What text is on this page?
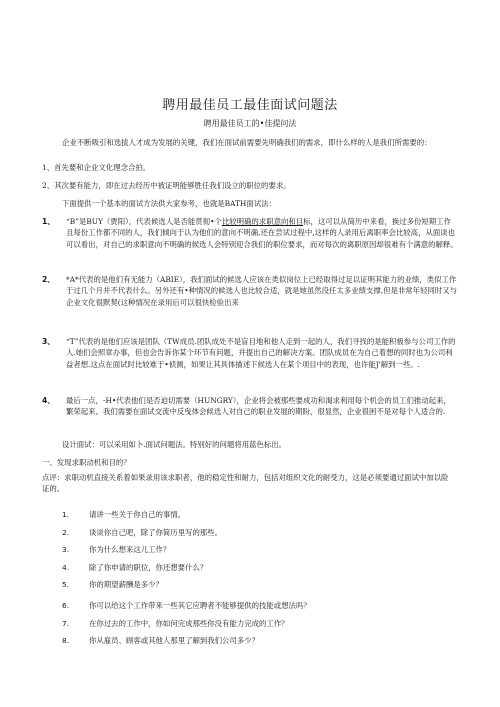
聘用最佳员工最佳面试问题法
聘用最佳员工的•佳提问法

企业不断吸引和选拔人才成为发展的关键，我们在面试前需要先明确我们的需求，即什么样的人是我们所需要的：

1、首先要和企业文化理念合拍。

2、其次要有能力，即在过去经历中被证明能够胜任我们设立的职位的要求。

下面提供一个基本的面试方法供大家参考，也就是BATH面试法：

1、 “B”是BUY（贾阳），代表候选人是否能贯彻•个比较明确的求职意向和目标，这可以从简历中来看，换过多份短期工作且每份工作都不同的人，我们倾向于认为他们的意向不明确,还在尝试过程中,这样的人录用后离职率会比较高，从面谈也可以看出，对自己的求职意向不明确的候选人会特别迎合我们的职位要求，而对每次的离职原因却很难有个满意的解释。
2、 *A*代表的是他们有无能力（ABIE），我们面试的候选人应该在类似岗位上已经取得过足以证明其能力的业绩，类似工作于过几个月并不代表什么。另外还有•种情况的候选人也比较合适，就是她虽然没任太多业绩支撑,但是非常年轻同时又与企业文化很默契(这种情况在录用后可以很快检验出来
3、 “T”代表的是他们应该是团队（TW成员.团队成处不是盲目地和他人走到一起的人，我们寻找的是能积极参与公司工作的人.她们会照章办事，但也会告诉你某个环节有问题，并提出自己的解决方案。团队成员在为自己着想的同时也为公司利益者想.这点在面试时比较难于•侦测，如果让其具体描述下候选人在某个项目中的表现，也许能J'解到一些。.
4、 最后一点，-H•代表他们是否迫切需要（HUNGRY），企业将会被那些要成功和渴求利用每个机会的员工们推动起来，繁荣起来。我们需要在面试交流中反曳体会候选人对自己的职业发展的期盼，很显然，企业很困不是对每个人适合的.

设计面试：可以采用如卜.面试问题法。特别好的问题将用蓝色标出。

一、发现求职动机和目的？

点评：求职动机直接关系着如果录用该求职者，他的稳定性和耐力，包括对组织文化的耐受力，这是必须要通过面试中加以险证的。

1.	请讲一些关于你自己的事情。
2.	谈谈你自己吧，除了你简历里写的那些。
3.	你为什么想来这儿工作？
4.	除了你申请的职位，你还想要什么？
5.	你的期望薪酬是多少？
6.	你可以给这个工作带来一些其它应聘者不能够提供的技能或想法吗？
7.	在你过去的工作中，你如何完成那些你没有能力完成的工作？
8.	你从雇员、顾客或其他人那里了解到我们公司多少？
